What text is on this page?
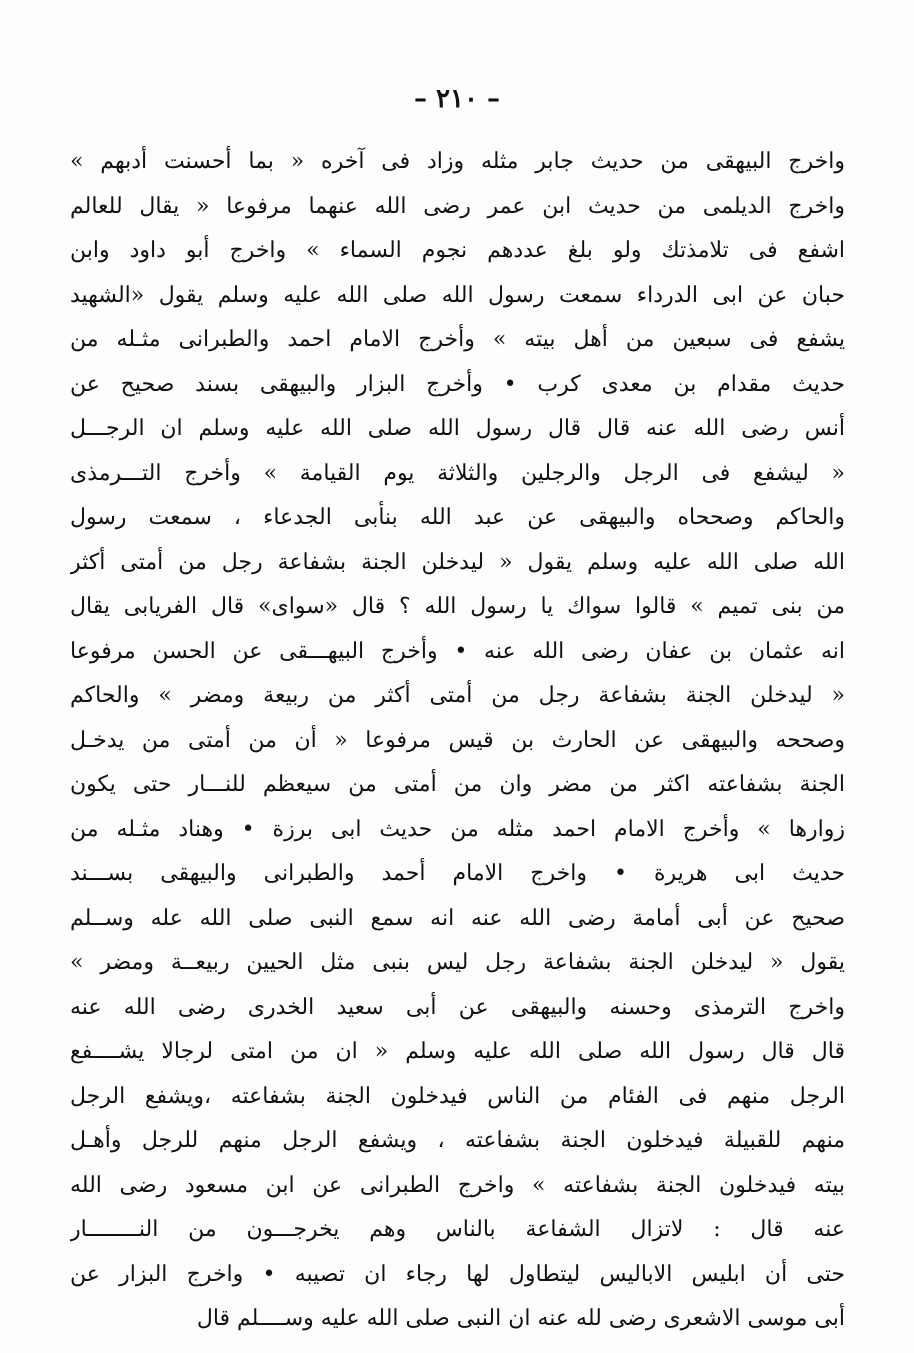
– ٢١٠ –
واخرج البيهقى من حديث جابر مثله وزاد فى آخره « بما أحسنت أدبهم »
واخرج الديلمى من حديث ابن عمر رضى الله عنهما مرفوعا « يقال للعالم
اشفع فى تلامذتك ولو بلغ عددهم نجوم السماء » واخرج أبو داود وابن
حبان عن ابى الدرداء سمعت رسول الله صلى الله عليه وسلم يقول «الشهيد
يشفع فى سبعين من أهل بيته » وأخرج الامام احمد والطبرانى مثـله من
حديث مقدام بن معدى كرب • وأخرج البزار والبيهقى بسند صحيح عن
أنس رضى الله عنه قال قال رسول الله صلى الله عليه وسلم ان الرجـــل
« ليشفع فى الرجل والرجلين والثلاثة يوم القيامة » وأخرج التـــرمذى
والحاكم وصححاه والبيهقى عن عبد الله بنأبى الجدعاء ، سمعت رسول
الله صلى الله عليه وسلم يقول « ليدخلن الجنة بشفاعة رجل من أمتى أكثر
من بنى تميم » قالوا سواك يا رسول الله ؟ قال «سواى» قال الفريابى يقال
انه عثمان بن عفان رضى الله عنه • وأخرج البيهـــقى عن الحسن مرفوعا
« ليدخلن الجنة بشفاعة رجل من أمتى أكثر من ربيعة ومضر » والحاكم
وصححه والبيهقى عن الحارث بن قيس مرفوعا « أن من أمتى من يدخـل
الجنة بشفاعته اكثر من مضر وان من أمتى من سيعظم للنـــار حتى يكون
زوارها » وأخرج الامام احمد مثله من حديث ابى برزة • وهناد مثـله من
حديث ابى هريرة • واخرج الامام أحمد والطبرانى والبيهقى بســـند
صحيح عن أبى أمامة رضى الله عنه انه سمع النبى صلى الله عله وســلم
يقول « ليدخلن الجنة بشفاعة رجل ليس بنبى مثل الحيين ربيعــة ومضر »
واخرج الترمذى وحسنه والبيهقى عن أبى سعيد الخدرى رضى الله عنه
قال قال رسول الله صلى الله عليه وسلم « ان من امتى لرجالا يشــــفع
الرجل منهم فى الفئام من الناس فيدخلون الجنة بشفاعته ،ويشفع الرجل
منهم للقبيلة فيدخلون الجنة بشفاعته ، ويشفع الرجل منهم للرجل وأهـل
بيته فيدخلون الجنة بشفاعته » واخرج الطبرانى عن ابن مسعود رضى الله
عنه قال : لاتزال الشفاعة بالناس وهم يخرجـــون من النــــــــار
حتى أن ابليس الاباليس ليتطاول لها رجاء ان تصيبه • واخرج البزار عن
أبى موسى الاشعرى رضى لله عنه ان النبى صلى الله عليه وســــلم قال
